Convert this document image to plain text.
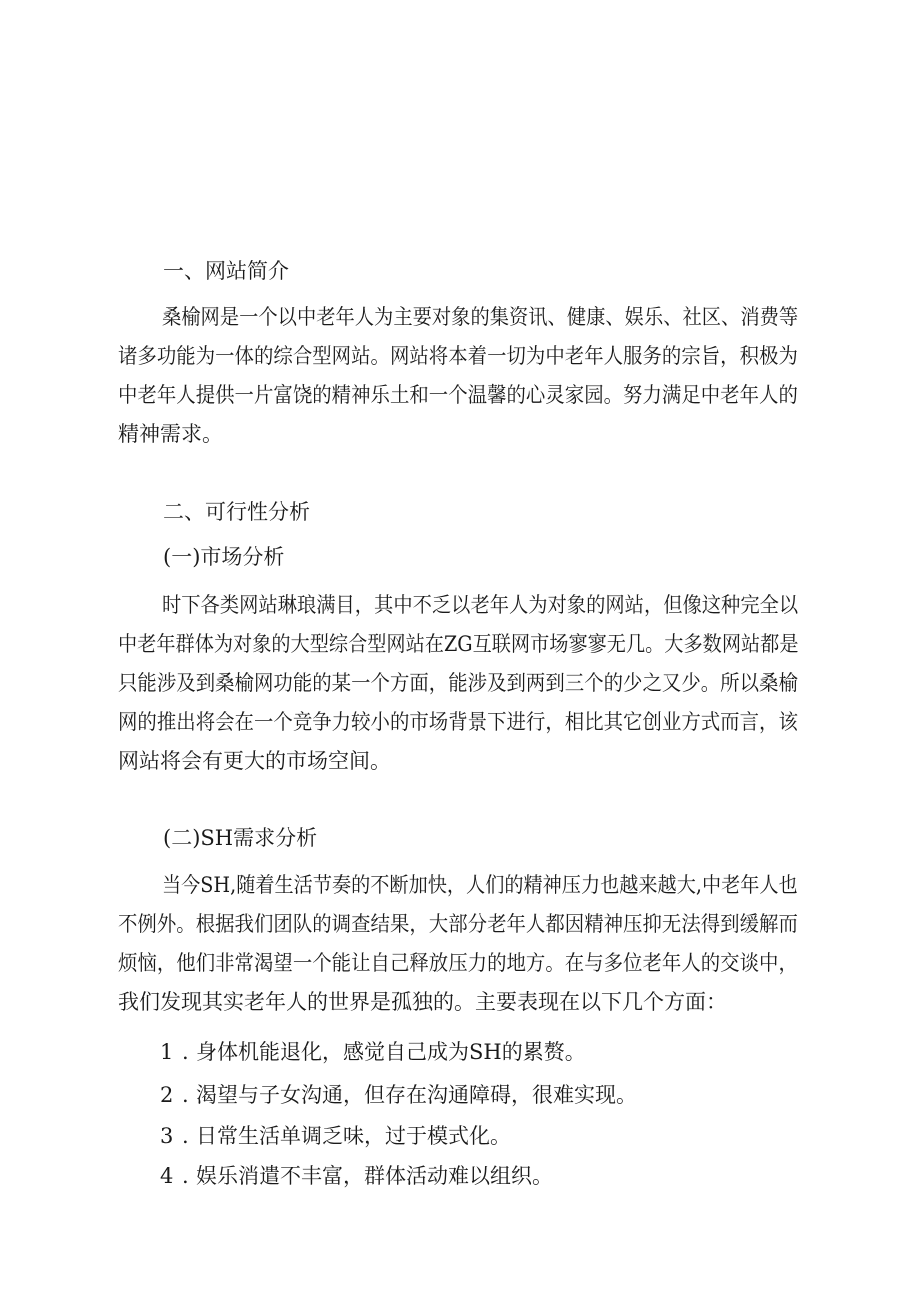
一、网站简介
桑榆网是一个以中老年人为主要对象的集资讯、健康、娱乐、社区、消费等
诸多功能为一体的综合型网站。网站将本着一切为中老年人服务的宗旨，积极为
中老年人提供一片富饶的精神乐土和一个温馨的心灵家园。努力满足中老年人的
精神需求。
二、可行性分析
(一)市场分析
时下各类网站琳琅满目，其中不乏以老年人为对象的网站，但像这种完全以
中老年群体为对象的大型综合型网站在ZG互联网市场寥寥无几。大多数网站都是
只能涉及到桑榆网功能的某一个方面，能涉及到两到三个的少之又少。所以桑榆
网的推出将会在一个竞争力较小的市场背景下进行，相比其它创业方式而言，该
网站将会有更大的市场空间。
(二)SH需求分析
当今SH,随着生活节奏的不断加快，人们的精神压力也越来越大,中老年人也
不例外。根据我们团队的调查结果，大部分老年人都因精神压抑无法得到缓解而
烦恼，他们非常渴望一个能让自己释放压力的地方。在与多位老年人的交谈中，
我们发现其实老年人的世界是孤独的。主要表现在以下几个方面：
1 . 身体机能退化，感觉自己成为SH的累赘。
2 . 渴望与子女沟通，但存在沟通障碍，很难实现。
3 . 日常生活单调乏味，过于模式化。
4 . 娱乐消遣不丰富，群体活动难以组织。
